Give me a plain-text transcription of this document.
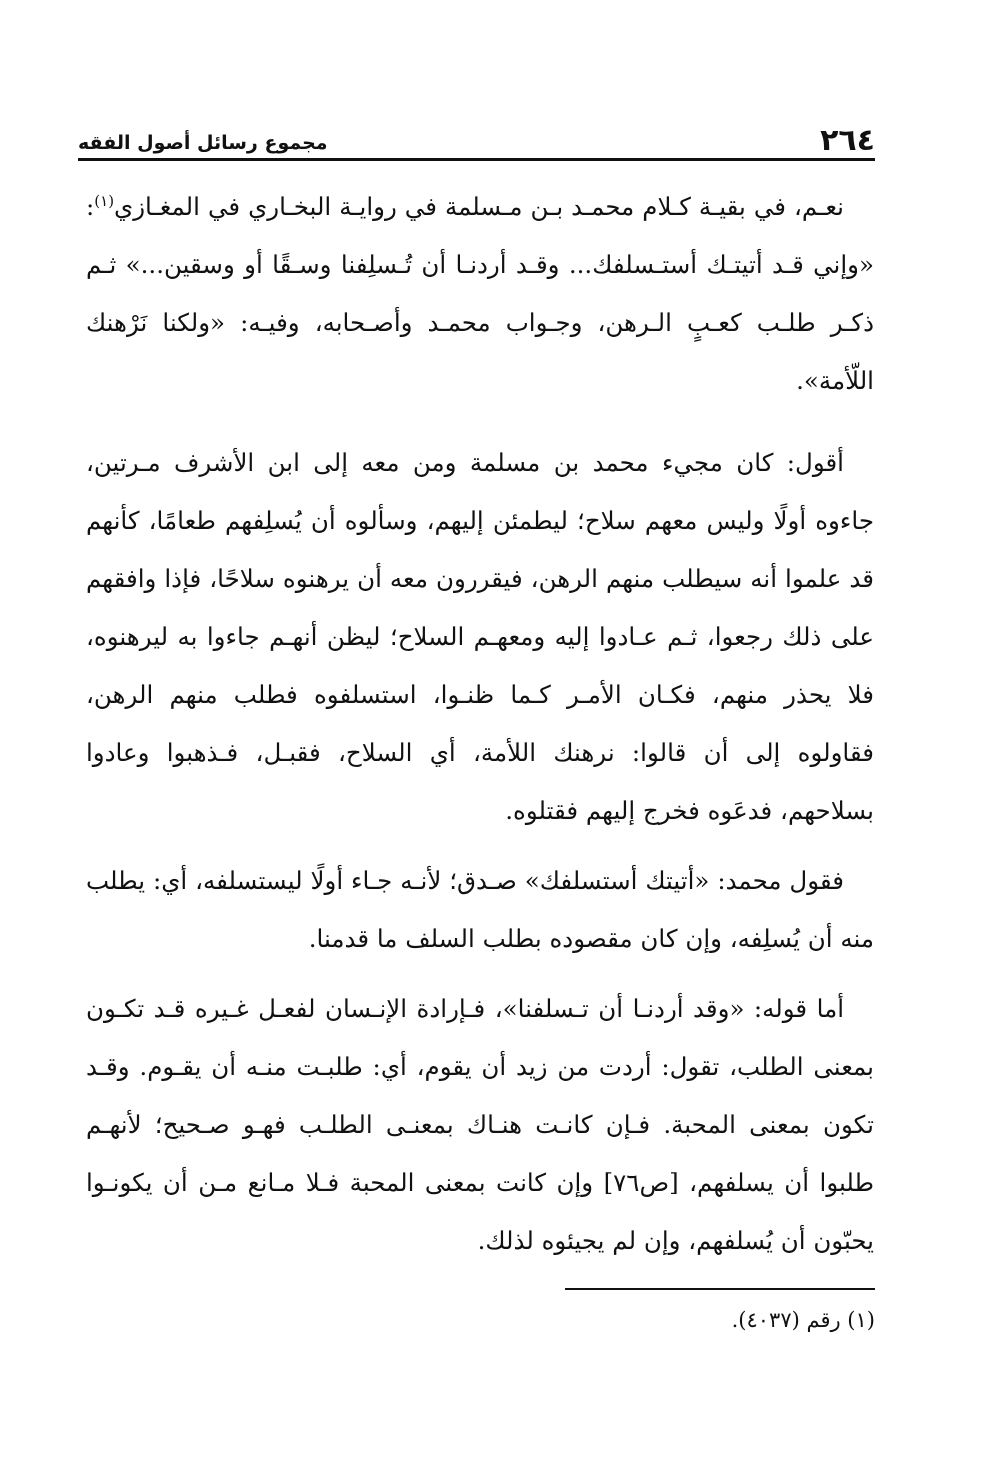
٢٦٤
مجموع رسائل أصول الفقه

نعـم، في بقيـة كـلام محمـد بـن مـسلمة في روايـة البخـاري في المغـازي$^{(١)}$: «وإني قـد أتيتـك أستـسلفك... وقـد أردنـا أن تُـسلِفنا وسـقًا أو وسقين...» ثـم ذكـر طلـب كعـبٍ الـرهن، وجـواب محمـد وأصـحابه، وفيـه: «ولكنا نَرْهنك اللّأمة».

أقول: كان مجيء محمد بن مسلمة ومن معه إلى ابن الأشرف مـرتين، جاءوه أولًا وليس معهم سلاح؛ ليطمئن إليهم، وسألوه أن يُسلِفهم طعامًا، كأنهم قد علموا أنه سيطلب منهم الرهن، فيقررون معه أن يرهنوه سلاحًا، فإذا وافقهم على ذلك رجعوا، ثـم عـادوا إليه ومعهـم السلاح؛ ليظن أنهـم جاءوا به ليرهنوه، فلا يحذر منهم، فكـان الأمـر كـما ظنـوا، استسلفوه فطلب منهم الرهن، فقاولوه إلى أن قالوا: نرهنك اللأمة، أي السلاح، فقبـل، فـذهبوا وعادوا بسلاحهم، فدعَوه فخرج إليهم فقتلوه.

فقول محمد: «أتيتك أستسلفك» صـدق؛ لأنـه جـاء أولًا ليستسلفه، أي: يطلب منه أن يُسلِفه، وإن كان مقصوده بطلب السلف ما قدمنا.

أما قوله: «وقد أردنـا أن تـسلفنا»، فـإرادة الإنـسان لفعـل غـيره قـد تكـون بمعنى الطلب، تقول: أردت من زيد أن يقوم، أي: طلبـت منـه أن يقـوم. وقـد تكون بمعنى المحبة. فـإن كانـت هنـاك بمعنـى الطلـب فهـو صـحيح؛ لأنهـم طلبوا أن يسلفهم، [ص٧٦] وإن كانت بمعنى المحبة فـلا مـانع مـن أن يكونـوا يحبّون أن يُسلفهم، وإن لم يجيئوه لذلك.

(١) رقم (٤٠٣٧).
